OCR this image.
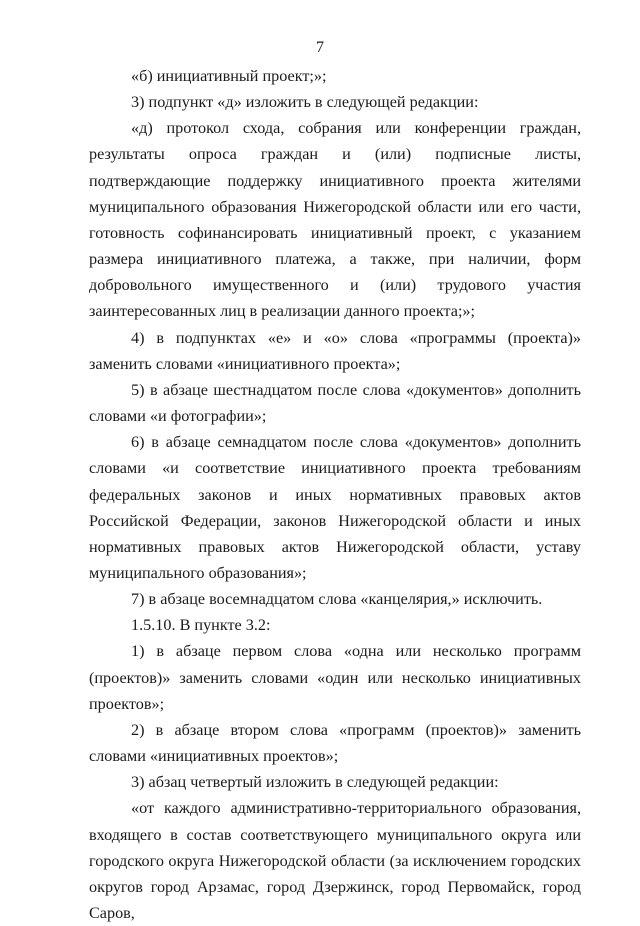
7

«б) инициативный проект;»;

3) подпункт «д» изложить в следующей редакции:

«д) протокол схода, собрания или конференции граждан, результаты опроса граждан и (или) подписные листы, подтверждающие поддержку инициативного проекта жителями муниципального образования Нижегородской области или его части, готовность софинансировать инициативный проект, с указанием размера инициативного платежа, а также, при наличии, форм добровольного имущественного и (или) трудового участия заинтересованных лиц в реализации данного проекта;»;

4) в подпунктах «е» и «о» слова «программы (проекта)» заменить словами «инициативного проекта»;

5) в абзаце шестнадцатом после слова «документов» дополнить словами «и фотографии»;

6) в абзаце семнадцатом после слова «документов» дополнить словами «и соответствие инициативного проекта требованиям федеральных законов и иных нормативных правовых актов Российской Федерации, законов Нижегородской области и иных нормативных правовых актов Нижегородской области, уставу муниципального образования»;

7) в абзаце восемнадцатом слова «канцелярия,» исключить.

1.5.10. В пункте 3.2:

1) в абзаце первом слова «одна или несколько программ (проектов)» заменить словами «один или несколько инициативных проектов»;

2) в абзаце втором слова «программ (проектов)» заменить словами «инициативных проектов»;

3) абзац четвертый изложить в следующей редакции:

«от каждого административно-территориального образования, входящего в состав соответствующего муниципального округа или городского округа Нижегородской области (за исключением городских округов город Арзамас, город Дзержинск, город Первомайск, город Саров,
